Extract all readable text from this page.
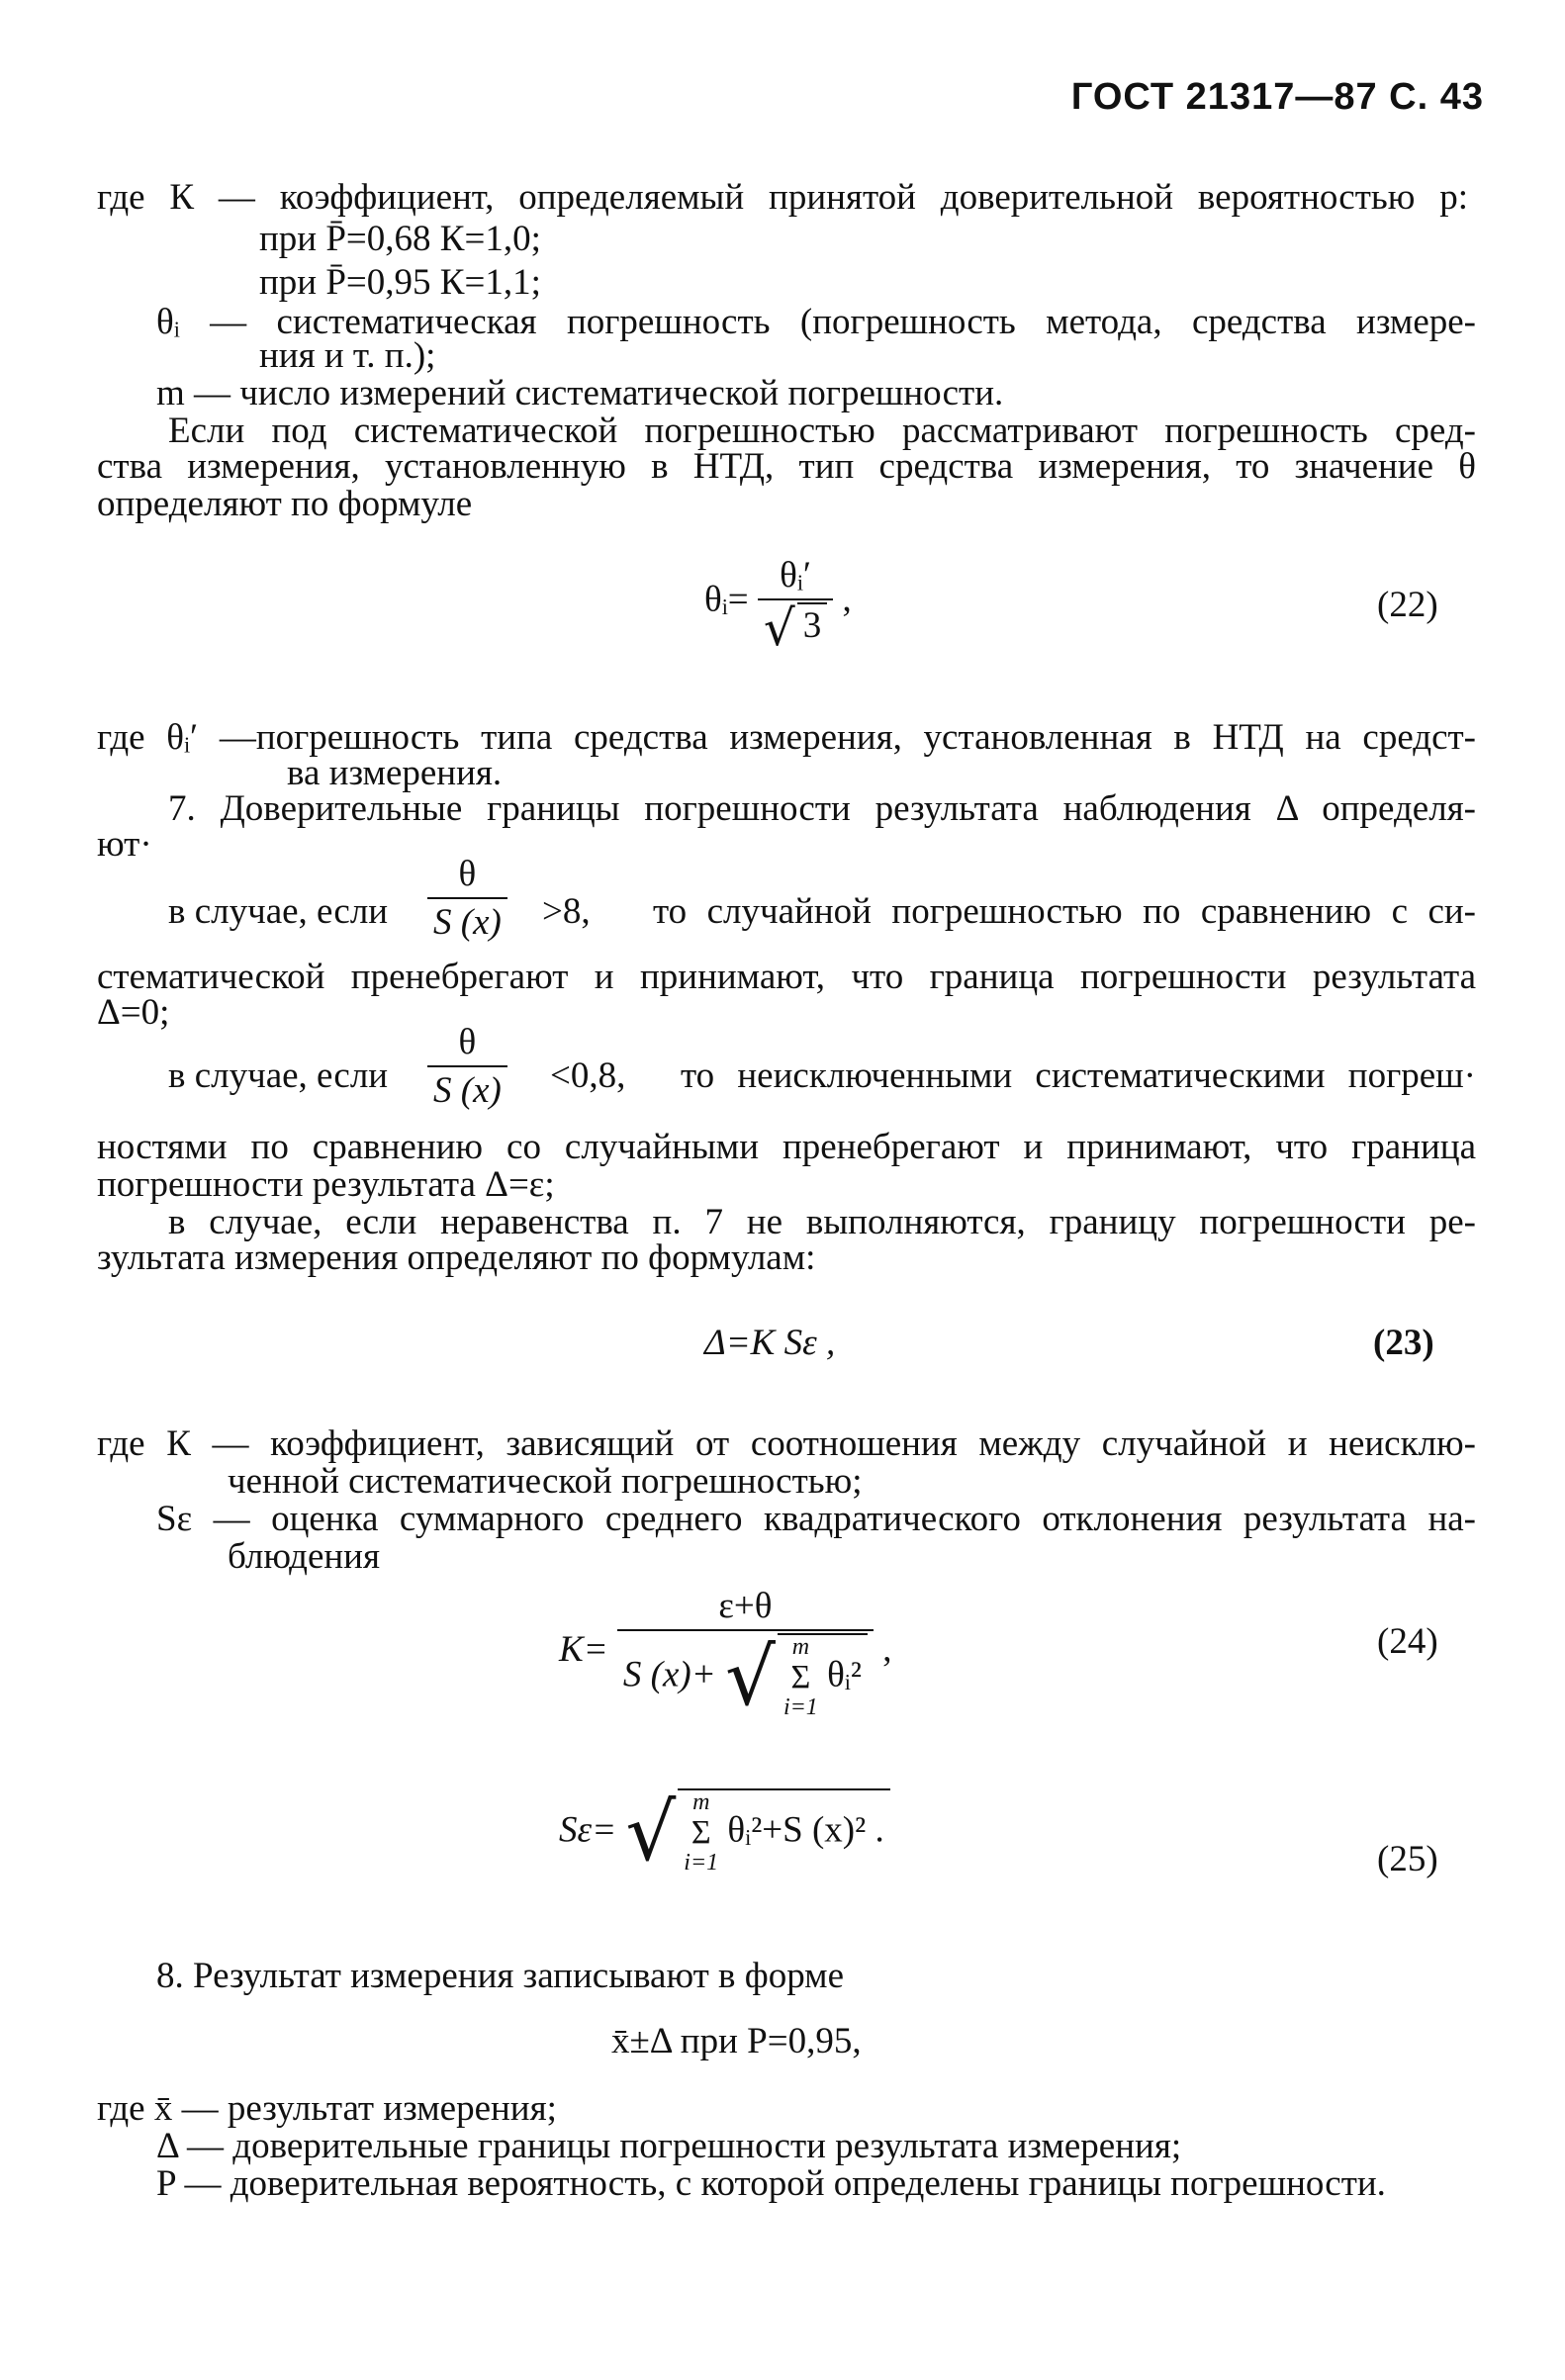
ГОСТ 21317—87 С. 43
где К — коэффициент, определяемый принятой доверительной вероятностью р:
при P̄=0,68 К=1,0;
при P̄=0,95 К=1,1;
θᵢ — систематическая погрешность (погрешность метода, средства измере-
ния и т. п.);
m — число измерений систематической погрешности.
Если под систематической погрешностью рассматривают погрешность сред-
ства измерения, установленную в НТД, тип средства измерения, то значение θ
определяют по формуле
θᵢ= $\frac{\text{θᵢ′}}{√ 3}$ ,	(22)
где θᵢ′ —погрешность типа средства измерения, установленная в НТД на средст-
ва измерения.
7. Доверительные границы погрешности результата наблюдения Δ определя-
ют·
в случае, если $\frac{\theta}{S (x)} >8$, то случайной погрешностью по сравнению с си-
стематической пренебрегают и принимают, что граница погрешности результата
Δ=0;
в случае, если $\frac{\theta}{S (x)} <0,8$, то неисключенными систематическими погреш·
ностями по сравнению со случайными пренебрегают и принимают, что граница
погрешности результата Δ=ε;
в случае, если неравенства п. 7 не выполняются, границу погрешности ре-
зультата измерения определяют по формулам:
Δ=K Sε ,	(23)
где К — коэффициент, зависящий от соотношения между случайной и неисклю-
ченной систематической погрешностью;
Sε — оценка суммарного среднего квадратического отклонения результата на-
блюдения
K=
ε+θ
S (x)+ √ m
Σ
i=1 θᵢ²
,	(24)
Sε= √ m
Σ
i=1 θᵢ²+S (x)² .
(25)
8. Результат измерения записывают в форме
x̄±Δ при P=0,95,
где x̄ — результат измерения;
Δ — доверительные границы погрешности результата измерения;
P — доверительная вероятность, с которой определены границы погрешности.
